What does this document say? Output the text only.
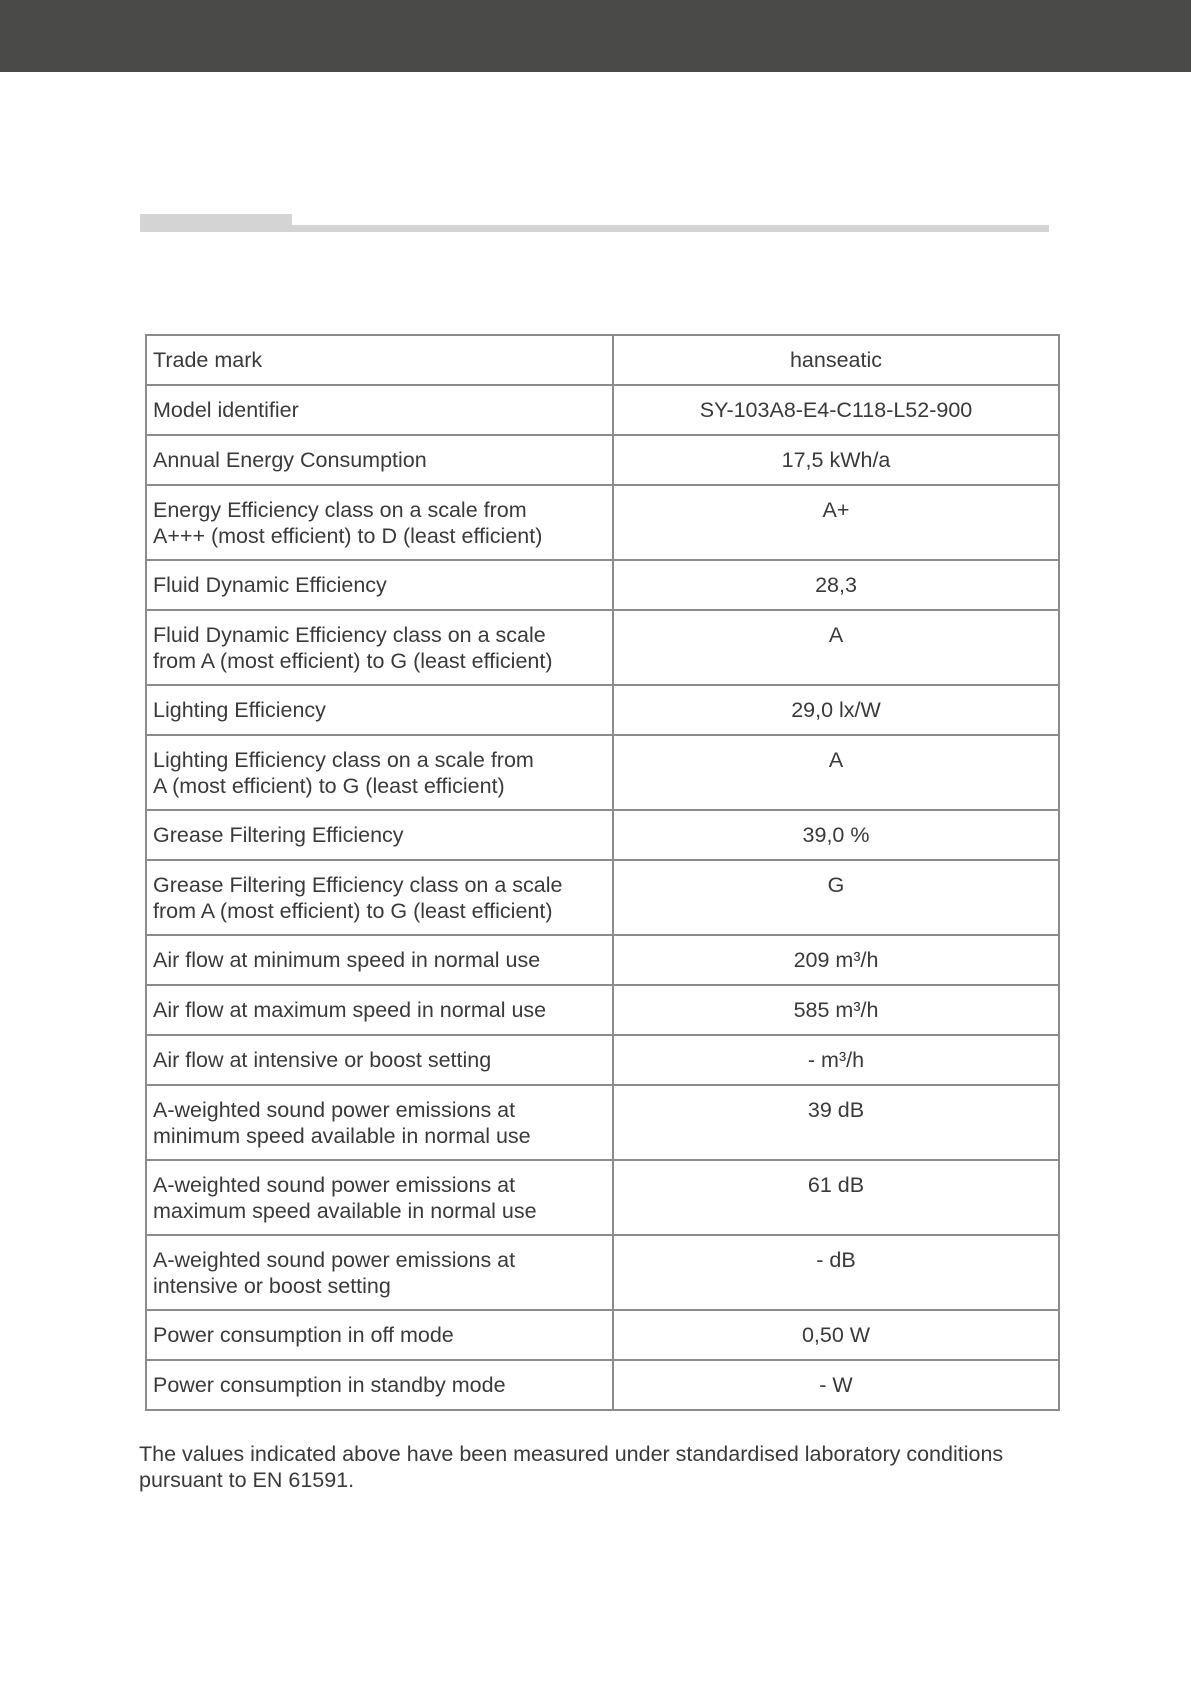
Trade mark	hanseatic
Model identifier	SY-103A8-E4-C118-L52-900
Annual Energy Consumption	17,5 kWh/a
Energy Efficiency class on a scale from
A+++ (most efficient) to D (least efficient)	A+
Fluid Dynamic Efficiency	28,3
Fluid Dynamic Efficiency class on a scale
from A (most efficient) to G (least efficient)	A
Lighting Efficiency	29,0 lx/W
Lighting Efficiency class on a scale from
A (most efficient) to G (least efficient)	A
Grease Filtering Efficiency	39,0 %
Grease Filtering Efficiency class on a scale
from A (most efficient) to G (least efficient)	G
Air flow at minimum speed in normal use	209 m³/h
Air flow at maximum speed in normal use	585 m³/h
Air flow at intensive or boost setting	- m³/h
A-weighted sound power emissions at
minimum speed available in normal use	39 dB
A-weighted sound power emissions at
maximum speed available in normal use	61 dB
A-weighted sound power emissions at
intensive or boost setting	- dB
Power consumption in off mode	0,50 W
Power consumption in standby mode	- W
The values indicated above have been measured under standardised laboratory conditions pursuant to EN 61591.
